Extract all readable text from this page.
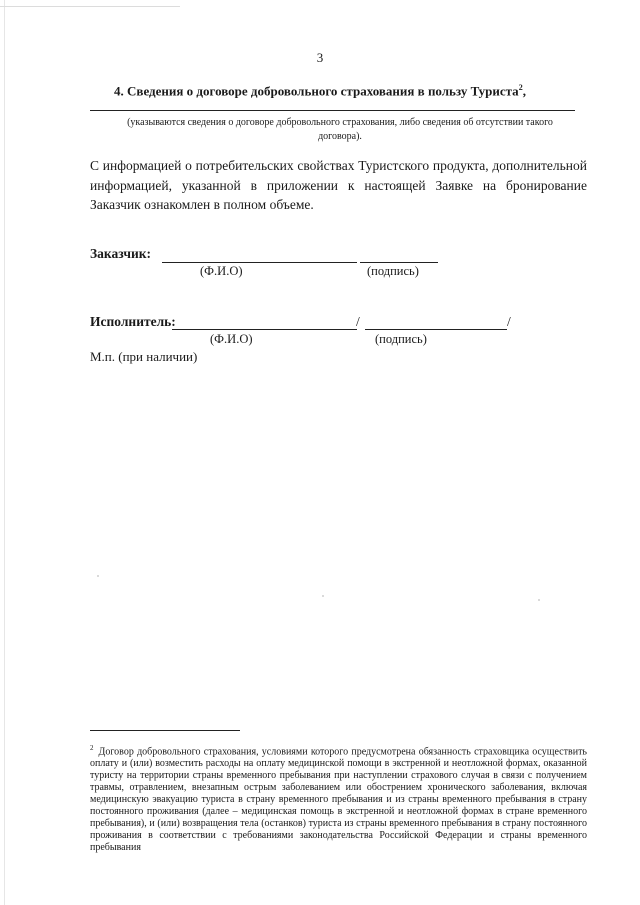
3
4. Сведения о договоре добровольного страхования в пользу Туриста$^2$,
(указываются сведения о договоре добровольного страхования, либо сведения об отсутствии такого договора).
С информацией о потребительских свойствах Туристского продукта, дополнительной информацией, указанной в приложении к настоящей Заявке на бронирование Заказчик ознакомлен в полном объеме.
Заказчик:
(Ф.И.О)	(подпись)
Исполнитель:	/	/
(Ф.И.О)	(подпись)
М.п. (при наличии)
$^2$ Договор добровольного страхования, условиями которого предусмотрена обязанность страховщика осуществить оплату и (или) возместить расходы на оплату медицинской помощи в экстренной и неотложной формах, оказанной туристу на территории страны временного пребывания при наступлении страхового случая в связи с получением травмы, отравлением, внезапным острым заболеванием или обострением хронического заболевания, включая медицинскую эвакуацию туриста в страну временного пребывания и из страны временного пребывания в страну постоянного проживания (далее – медицинская помощь в экстренной и неотложной формах в стране временного пребывания), и (или) возвращения тела (останков) туриста из страны временного пребывания в страну постоянного проживания в соответствии с требованиями законодательства Российской Федерации и страны временного пребывания
